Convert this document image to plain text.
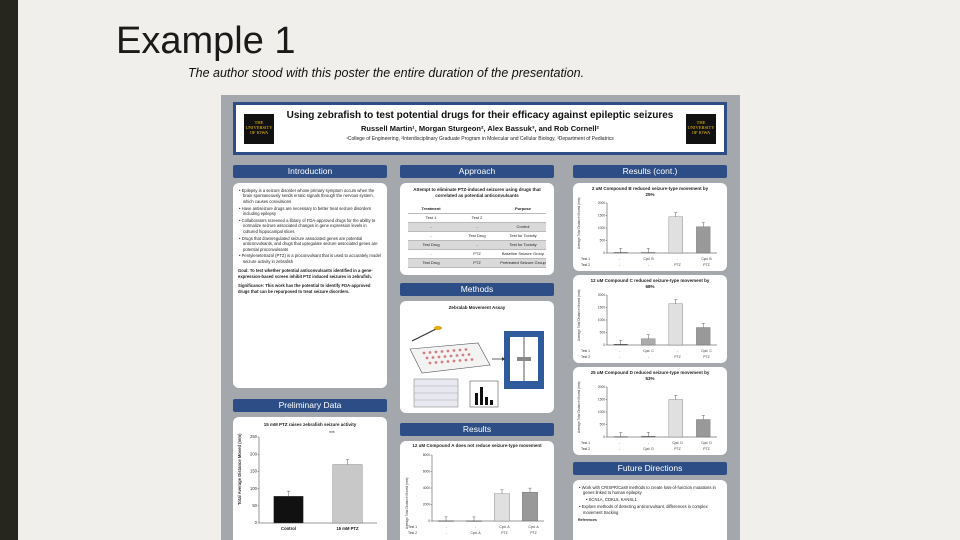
Example 1
The author stood with this poster the entire duration of the presentation.
THE UNIVERSITY OF IOWA
Using zebrafish to test potential drugs for their efficacy against epileptic seizures
Russell Martin¹, Morgan Sturgeon², Alex Bassuk³, and Rob Cornell²
¹College of Engineering, ²Interdisciplinary Graduate Program in Molecular and Cellular Biology, ³Department of Pediatrics
THE UNIVERSITY OF IOWA
Introduction
• Epilepsy is a seizure disorder whose primary symptom occurs when the brain spontaneously sends erratic signals through the nervous system, which causes convulsions
• Have antiseizure drugs are necessary to better treat seizure disorders including epilepsy
• Collaborators screened a library of FDA-approved drugs for the ability to normalize seizure associated changes in gene expression levels in cultured hippocampal slices
• Drugs that downregulated seizure associated genes are potential anticonvulsants, and drugs that upregulate seizure associated genes are potential proconvulsants
• Pentylenetetrazol (PTZ) is a proconvulsant that is used to accurately model seizure activity in zebrafish
Goal: To test whether potential anticonvulsants identified in a gene-expression-based screen inhibit PTZ induced seizures in zebrafish.
Significance: This work has the potential to identify FDA-approved drugs that can be repurposed to treat seizure disorders.
Preliminary Data
15 mM PTZ raises zebrafish seizure activity
***
Total Average Distance Moved (mm)
0
50
100
150
200
250
Control	15 mM PTZ
Approach
Attempt to eliminate PTZ-induced seizures using drugs that correlated as potential anticonvulsants
Treatment	Purpose
Test 1	Test 2
-	-	Control
-	Test Drug	Test for Toxicity
Test Drug	-	Test for Toxicity
-	PTZ	Baseline Seizure Group
Test Drug	PTZ	Pretreated Seizure Group
Methods
Zebralab Movement Assay
Results
12 uM Compound A does not reduce seizure-type movement
Average Total Distance Moved (mm)	0
2000
4000
6000
8000
Test 1	-	-	Cpd. A	Cpd. A
Test 2	-	Cpd. A	PTZ	PTZ
Results (cont.)
2 uM Compound B reduced seizure-type movement by 25%
Average Total Distance Moved (mm)
0
500
1000
1500
2000
Test 1	-	Cpd. B	-	Cpd. B
Test 2	-	-	PTZ	PTZ
12 uM Compound C reduced seizure-type movement by 68%
Average Total Distance Moved (mm)
0
500
1000
1500
2000
Test 1	-	Cpd. C	-	Cpd. C
Test 2	-	-	PTZ	PTZ
25 uM Compound D reduced seizure-type movement by 53%
Average Total Distance Moved (mm)
0
500
1000
1500
2000
Test 1	-	-	Cpd. D	Cpd. D
Test 2	-	Cpd. D	PTZ	PTZ
Future Directions
• Work with CRISPR/Cas9 methods to create loss-of-function mutations in genes linked to human epilepsy
• SCN1A, CDKL5, KANSL1
• Explore methods of detecting anticonvulsant, differences in complex movement tracking
References
